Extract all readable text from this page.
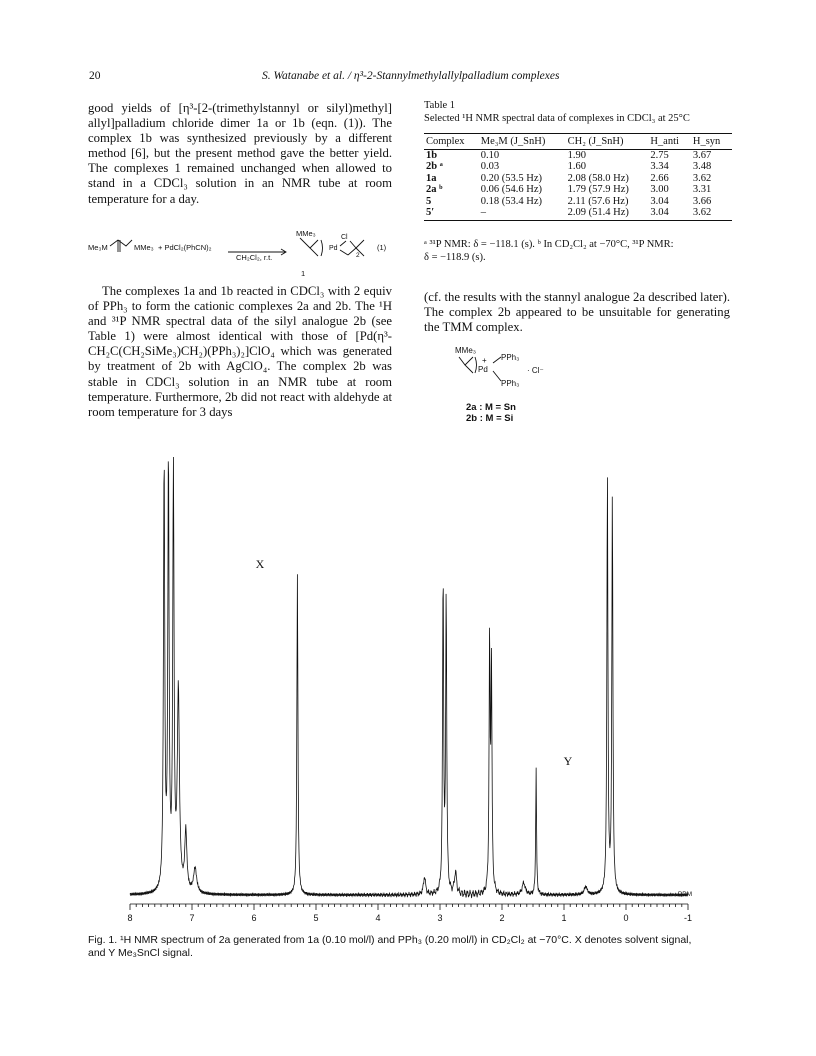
20	S. Watanabe et al. / η³-2-Stannylmethylallylpalladium complexes

good yields of [η³-[2-(trimethylstannyl or silyl)methyl] allyl]palladium chloride dimer 1a or 1b (eqn. (1)). The complex 1b was synthesized previously by a different method [6], but the present method gave the better yield. The complexes 1 remained unchanged when allowed to stand in a CDCl₃ solution in an NMR tube at room temperature for a day.

Me₃M	MMe₃ + PdCl₂(PhCN)₂
CH₂Cl₂, r.t.
MMe₃
Pd
Cl
2
(1)
1

The complexes 1a and 1b reacted in CDCl₃ with 2 equiv of PPh₃ to form the cationic complexes 2a and 2b. The ¹H and ³¹P NMR spectral data of the silyl analogue 2b (see Table 1) were almost identical with those of [Pd(η³-CH₂C(CH₂SiMe₃)CH₂)(PPh₃)₂]ClO₄ which was generated by treatment of 2b with AgClO₄. The complex 2b was stable in CDCl₃ solution in an NMR tube at room temperature. Furthermore, 2b did not react with aldehyde at room temperature for 3 days

Table 1
Selected ¹H NMR spectral data of complexes in CDCl₃ at 25°C
Complex	Me₃M (J_SnH)	CH₂ (J_SnH)	H_anti	H_syn
1b	0.10	1.90	2.75	3.67
2b ᵃ	0.03	1.60	3.34	3.48
1a	0.20 (53.5 Hz)	2.08 (58.0 Hz)	2.66	3.62
2a ᵇ	0.06 (54.6 Hz)	1.79 (57.9 Hz)	3.00	3.31
5	0.18 (53.4 Hz)	2.11 (57.6 Hz)	3.04	3.66
5′	–	2.09 (51.4 Hz)	3.04	3.62
ᵃ ³¹P NMR: δ = −118.1 (s). ᵇ In CD₂Cl₂ at −70°C, ³¹P NMR:
δ = −118.9 (s).

(cf. the results with the stannyl analogue 2a described later). The complex 2b appeared to be unsuitable for generating the TMM complex.

MMe₃
Pd
+ PPh₃
PPh₃
· Cl⁻
2a : M = Sn
2b : M = Si
8	7	6	5	4	3	2	1	0	-1
PPM
X
Y
Fig. 1. ¹H NMR spectrum of 2a generated from 1a (0.10 mol/l) and PPh₃ (0.20 mol/l) in CD₂Cl₂ at −70°C. X denotes solvent signal, and Y Me₃SnCl signal.
